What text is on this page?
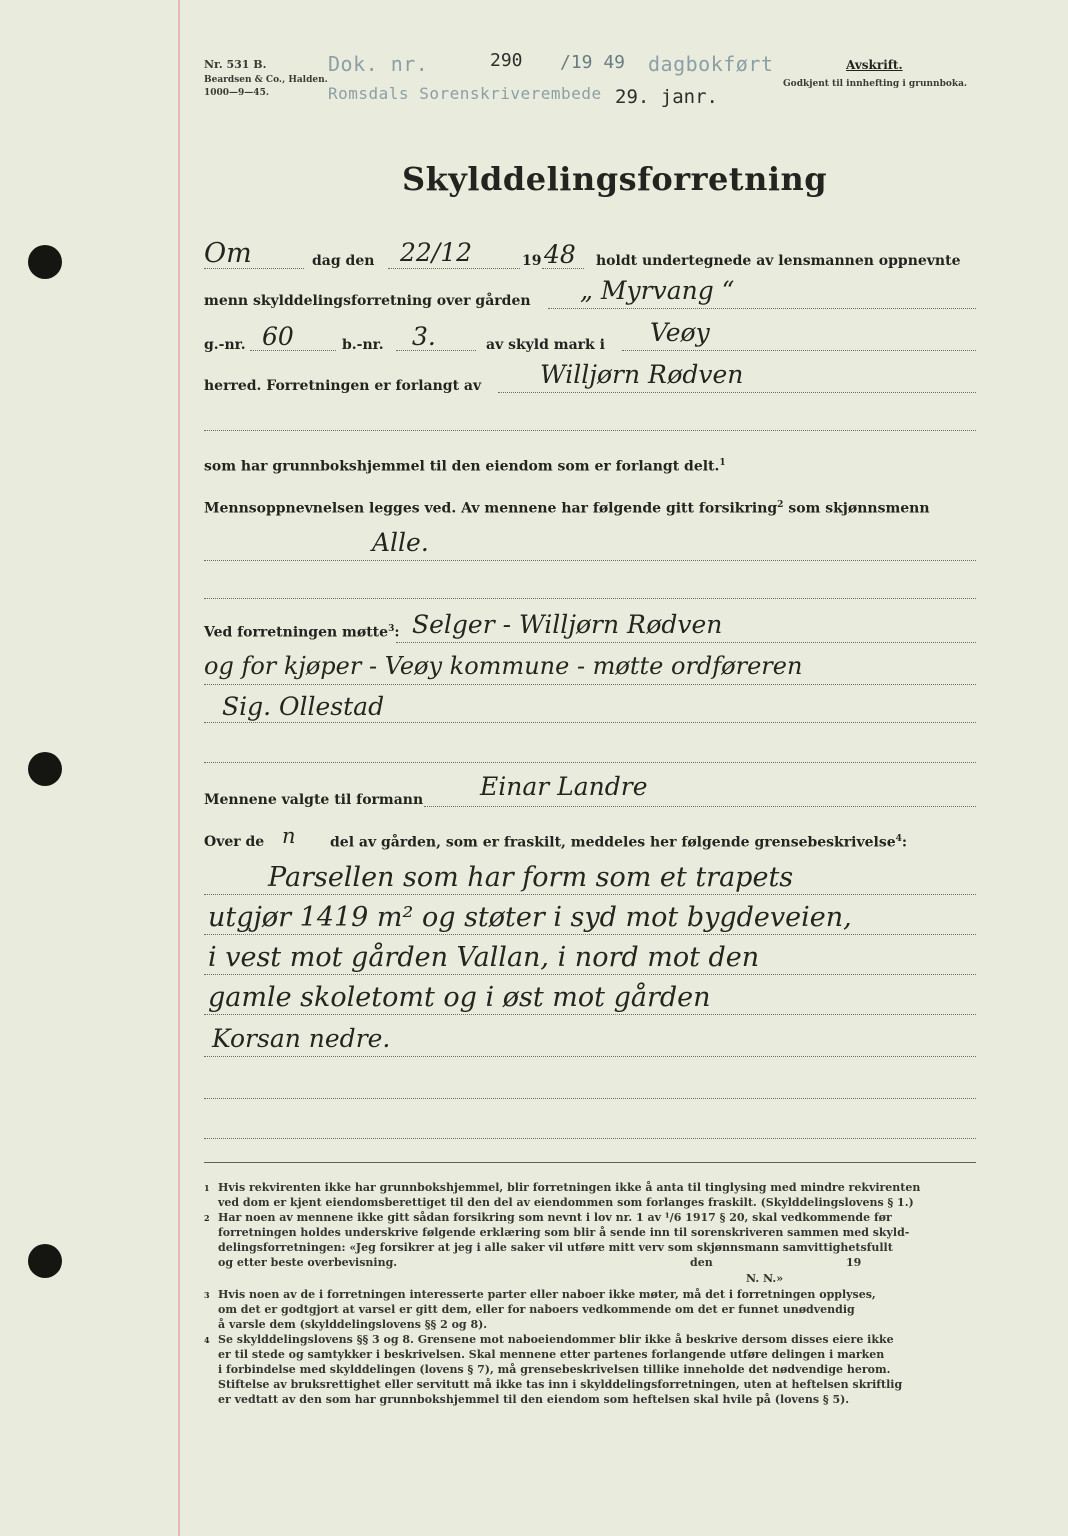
Nr. 531 B.
Beardsen & Co., Halden.
1000—9—45.
Dok. nr.	290 /19 49 dagbokført
Romsdals Sorenskriverembede 29. janr.
Avskrift.
Godkjent til innhefting i grunnboka.
Skylddelingsforretning
Om	dag den 22/12	19 48 holdt undertegnede av lensmannen oppnevnte
menn skylddelingsforretning over gården „ Myrvang “
g.-nr. 60	b.-nr. 3.	av skyld mark i Veøy
herred. Forretningen er forlangt av Willjørn Rødven
som har grunnbokshjemmel til den eiendom som er forlangt delt.$^1$
Mennsoppnevnelsen legges ved. Av mennene har følgende gitt forsikring$^2$ som skjønnsmenn
Alle.
Ved forretningen møtte$^3$: Selger - Willjørn Rødven
og for kjøper - Veøy kommune - møtte ordføreren
Sig. Ollestad
Mennene valgte til formann Einar Landre
Over de n del av gården, som er fraskilt, meddeles her følgende grensebeskrivelse$^4$:
Parsellen som har form som et trapets
utgjør 1419 m² og støter i syd mot bygdeveien,
i vest mot gården Vallan, i nord mot den
gamle skoletomt og i øst mot gården
Korsan nedre.
1 Hvis rekvirenten ikke har grunnbokshjemmel, blir forretningen ikke å anta til tinglysing med mindre rekvirenten
ved dom er kjent eiendomsberettiget til den del av eiendommen som forlanges fraskilt. (Skylddelingslovens § 1.)
2 Har noen av mennene ikke gitt sådan forsikring som nevnt i lov nr. 1 av ¹/6 1917 § 20, skal vedkommende før
forretningen holdes underskrive følgende erklæring som blir å sende inn til sorenskriveren sammen med skyld-
delingsforretningen: «Jeg forsikrer at jeg i alle saker vil utføre mitt verv som skjønnsmann samvittighetsfullt
og etter beste overbevisning.	den	19
N. N.»
3 Hvis noen av de i forretningen interesserte parter eller naboer ikke møter, må det i forretningen opplyses,
om det er godtgjort at varsel er gitt dem, eller for naboers vedkommende om det er funnet unødvendig
å varsle dem (skylddelingslovens §§ 2 og 8).
4 Se skylddelingslovens §§ 3 og 8. Grensene mot naboeiendommer blir ikke å beskrive dersom disses eiere ikke
er til stede og samtykker i beskrivelsen. Skal mennene etter partenes forlangende utføre delingen i marken
i forbindelse med skylddelingen (lovens § 7), må grensebeskrivelsen tillike inneholde det nødvendige herom.
Stiftelse av bruksrettighet eller servitutt må ikke tas inn i skylddelingsforretningen, uten at heftelsen skriftlig
er vedtatt av den som har grunnbokshjemmel til den eiendom som heftelsen skal hvile på (lovens § 5).
